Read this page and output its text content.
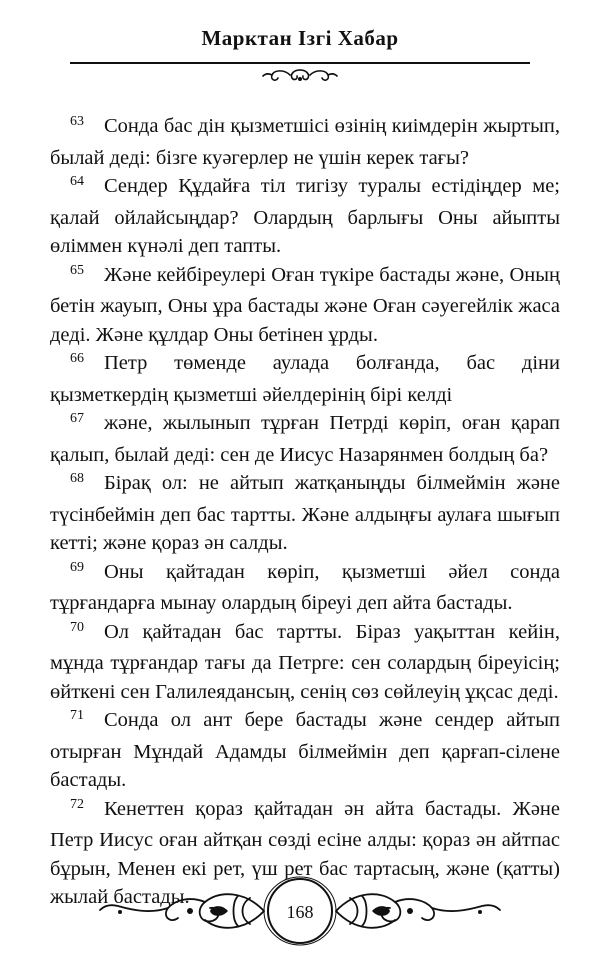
Марктан Ізгі Хабар

$^{63}$ Сонда бас дін қызметшісі өзінің киімдерін жыртып, былай деді: бізге куәгерлер не үшін керек тағы?

$^{64}$ Сендер Құдайға тіл тигізу туралы естідіңдер ме; қалай ойлайсыңдар? Олардың барлығы Оны айыпты өліммен күнәлі деп тапты.

$^{65}$ Және кейбіреулері Оған түкіре бастады және, Оның бетін жауып, Оны ұра бастады және Оған сәуегейлік жаса деді. Және құлдар Оны бетінен ұрды.

$^{66}$ Петр төменде аулада болғанда, бас діни қызметкердің қызметші әйелдерінің бірі келді

$^{67}$ және, жылынып тұрған Петрді көріп, оған қарап қалып, былай деді: сен де Иисус Назарянмен болдың ба?

$^{68}$ Бірақ ол: не айтып жатқаныңды білмеймін және түсінбеймін деп бас тартты. Және алдыңғы аулаға шығып кетті; және қораз ән салды.

$^{69}$ Оны қайтадан көріп, қызметші әйел сонда тұрғандарға мынау олардың біреуі деп айта бастады.

$^{70}$ Ол қайтадан бас тартты. Біраз уақыттан кейін, мұнда тұрғандар тағы да Петрге: сен солардың біреуісің; өйткені сен Галилеядансың, сенің сөз сөйлеуің ұқсас деді.

$^{71}$ Сонда ол ант бере бастады және сендер айтып отырған Мұндай Адамды білмеймін деп қарғап-сілене бастады.

$^{72}$ Кенеттен қораз қайтадан ән айта бастады. Және Петр Иисус оған айтқан сөзді есіне алды: қораз ән айтпас бұрын, Менен екі рет, үш рет бас тартасың, және (қатты) жылай бастады.

168
